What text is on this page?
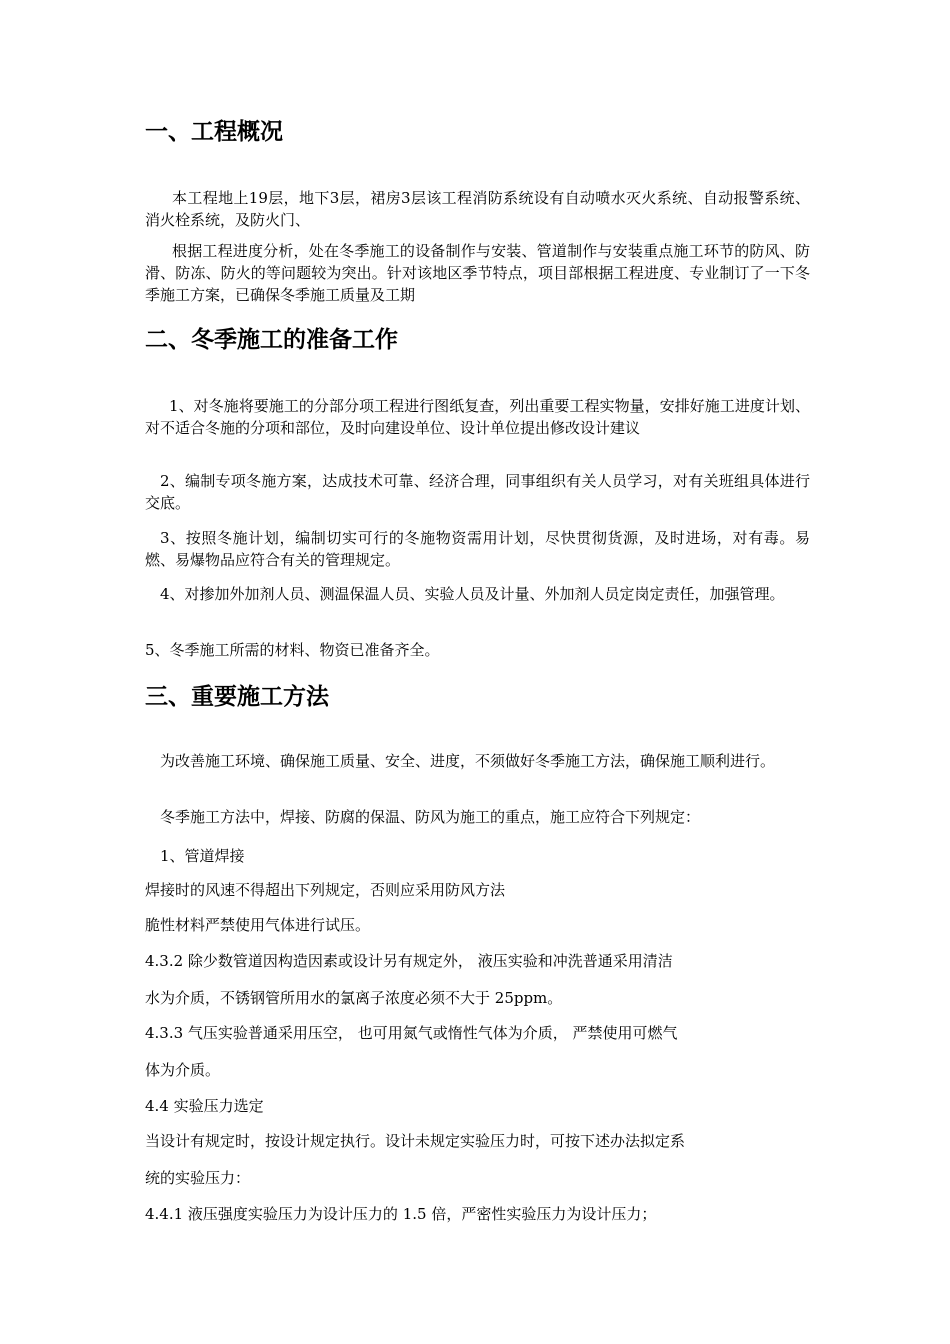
一、工程概况

本工程地上19层，地下3层，裙房3层该工程消防系统设有自动喷水灭火系统、自动报警系统、消火栓系统，及防火门、

根据工程进度分析，处在冬季施工的设备制作与安装、管道制作与安装重点施工环节的防风、防滑、防冻、防火的等问题较为突出。针对该地区季节特点，项目部根据工程进度、专业制订了一下冬季施工方案，已确保冬季施工质量及工期

二、冬季施工的准备工作

1、对冬施将要施工的分部分项工程进行图纸复查，列出重要工程实物量，安排好施工进度计划、对不适合冬施的分项和部位，及时向建设单位、设计单位提出修改设计建议

2、编制专项冬施方案，达成技术可靠、经济合理，同事组织有关人员学习，对有关班组具体进行交底。

3、按照冬施计划，编制切实可行的冬施物资需用计划，尽快贯彻货源，及时进场，对有毒。易燃、易爆物品应符合有关的管理规定。

4、对掺加外加剂人员、测温保温人员、实验人员及计量、外加剂人员定岗定责任，加强管理。

5、冬季施工所需的材料、物资已准备齐全。

三、重要施工方法

为改善施工环境、确保施工质量、安全、进度，不须做好冬季施工方法，确保施工顺利进行。

冬季施工方法中，焊接、防腐的保温、防风为施工的重点，施工应符合下列规定：

1、管道焊接

焊接时的风速不得超出下列规定，否则应采用防风方法

脆性材料严禁使用气体进行试压。

4.3.2 除少数管道因构造因素或设计另有规定外， 液压实验和冲洗普通采用清洁

水为介质，不锈钢管所用水的氯离子浓度必须不大于 25ppm。

4.3.3 气压实验普通采用压空， 也可用氮气或惰性气体为介质， 严禁使用可燃气

体为介质。

4.4 实验压力选定

当设计有规定时，按设计规定执行。设计未规定实验压力时，可按下述办法拟定系

统的实验压力：

4.4.1 液压强度实验压力为设计压力的 1.5 倍，严密性实验压力为设计压力；
